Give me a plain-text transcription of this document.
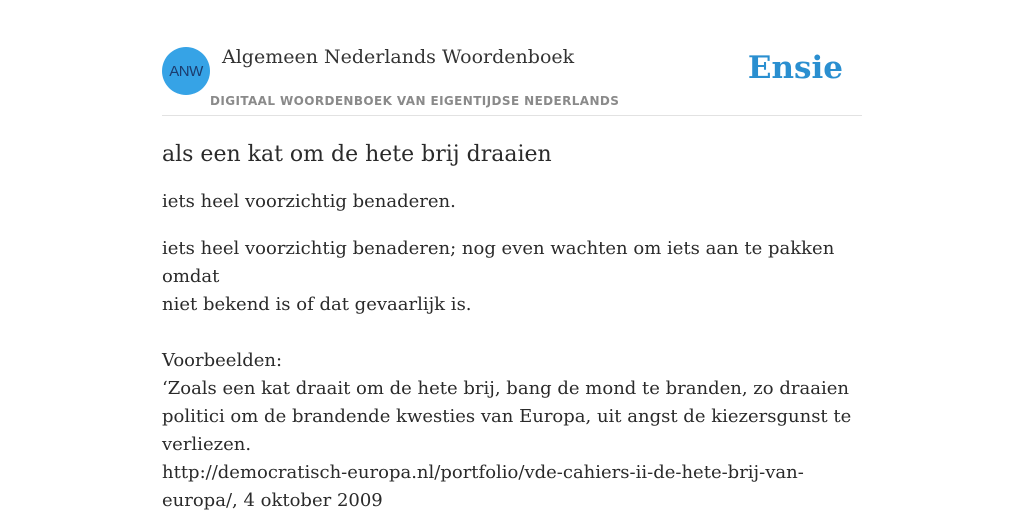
ANW
Algemeen Nederlands Woordenboek
DIGITAAL WOORDENBOEK VAN EIGENTIJDSE NEDERLANDS
Ensie
als een kat om de hete brij draaien

iets heel voorzichtig benaderen.

iets heel voorzichtig benaderen; nog even wachten om iets aan te pakken omdat
niet bekend is of dat gevaarlijk is.

Voorbeelden:

‘Zoals een kat draait om de hete brij, bang de mond te branden, zo draaien
politici om de brandende kwesties van Europa, uit angst de kiezersgunst te
verliezen.

http://democratisch-europa.nl/portfolio/vde-cahiers-ii-de-hete-brij-van-
europa/, 4 oktober 2009
